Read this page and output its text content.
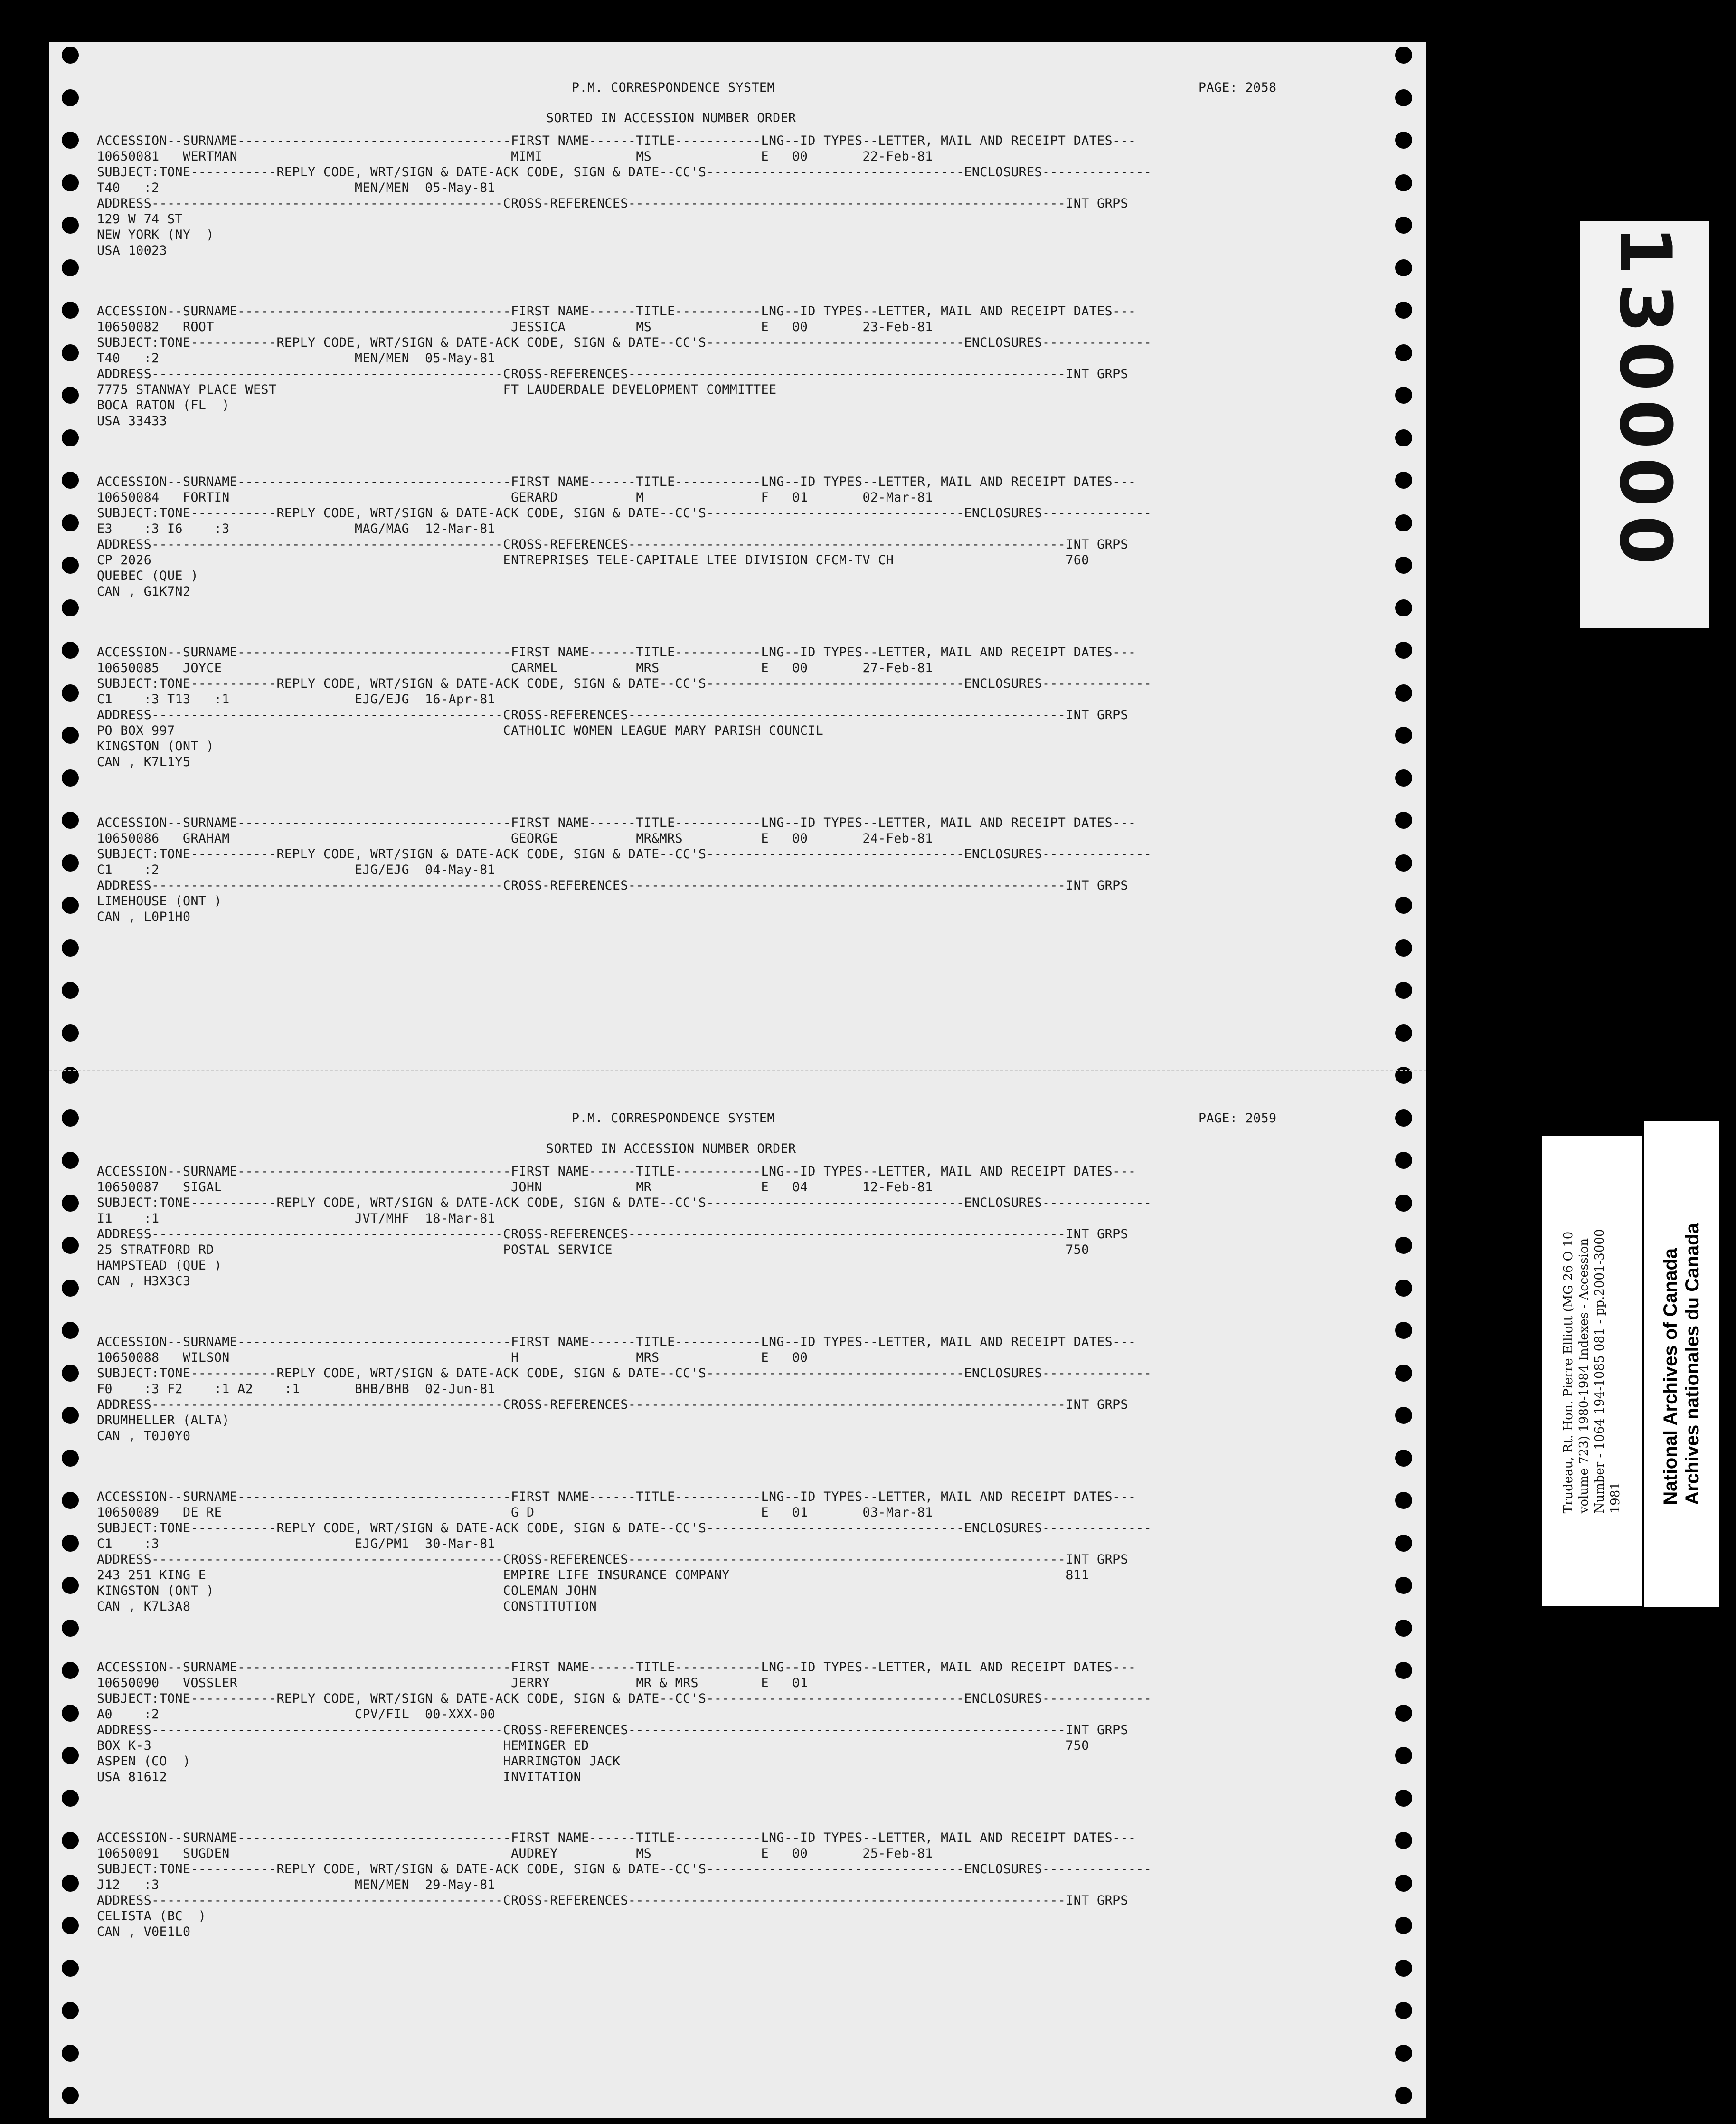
P.M. CORRESPONDENCE SYSTEM

	PAGE: 2058

SORTED IN ACCESSION NUMBER ORDER

ACCESSION--SURNAME-----------------------------------FIRST NAME------TITLE-----------LNG--ID TYPES--LETTER, MAIL AND RECEIPT DATES---
10650081   WERTMAN                                   MIMI            MS              E   00       22-Feb-81
SUBJECT:TONE-----------REPLY CODE, WRT/SIGN & DATE-ACK CODE, SIGN & DATE--CC'S---------------------------------ENCLOSURES--------------
T40   :2                         MEN/MEN  05-May-81
ADDRESS---------------------------------------------CROSS-REFERENCES--------------------------------------------------------INT GRPS
129 W 74 ST
NEW YORK (NY  )
USA 10023
ACCESSION--SURNAME-----------------------------------FIRST NAME------TITLE-----------LNG--ID TYPES--LETTER, MAIL AND RECEIPT DATES---
10650082   ROOT                                      JESSICA         MS              E   00       23-Feb-81
SUBJECT:TONE-----------REPLY CODE, WRT/SIGN & DATE-ACK CODE, SIGN & DATE--CC'S---------------------------------ENCLOSURES--------------
T40   :2                         MEN/MEN  05-May-81
ADDRESS---------------------------------------------CROSS-REFERENCES--------------------------------------------------------INT GRPS
7775 STANWAY PLACE WEST                             FT LAUDERDALE DEVELOPMENT COMMITTEE
BOCA RATON (FL  )
USA 33433
ACCESSION--SURNAME-----------------------------------FIRST NAME------TITLE-----------LNG--ID TYPES--LETTER, MAIL AND RECEIPT DATES---
10650084   FORTIN                                    GERARD          M               F   01       02-Mar-81
SUBJECT:TONE-----------REPLY CODE, WRT/SIGN & DATE-ACK CODE, SIGN & DATE--CC'S---------------------------------ENCLOSURES--------------
E3    :3 I6    :3                MAG/MAG  12-Mar-81
ADDRESS---------------------------------------------CROSS-REFERENCES--------------------------------------------------------INT GRPS
CP 2026                                             ENTREPRISES TELE-CAPITALE LTEE DIVISION CFCM-TV CH                      760
QUEBEC (QUE )
CAN , G1K7N2
ACCESSION--SURNAME-----------------------------------FIRST NAME------TITLE-----------LNG--ID TYPES--LETTER, MAIL AND RECEIPT DATES---
10650085   JOYCE                                     CARMEL          MRS             E   00       27-Feb-81
SUBJECT:TONE-----------REPLY CODE, WRT/SIGN & DATE-ACK CODE, SIGN & DATE--CC'S---------------------------------ENCLOSURES--------------
C1    :3 T13   :1                EJG/EJG  16-Apr-81
ADDRESS---------------------------------------------CROSS-REFERENCES--------------------------------------------------------INT GRPS
PO BOX 997                                          CATHOLIC WOMEN LEAGUE MARY PARISH COUNCIL
KINGSTON (ONT )
CAN , K7L1Y5
ACCESSION--SURNAME-----------------------------------FIRST NAME------TITLE-----------LNG--ID TYPES--LETTER, MAIL AND RECEIPT DATES---
10650086   GRAHAM                                    GEORGE          MR&MRS          E   00       24-Feb-81
SUBJECT:TONE-----------REPLY CODE, WRT/SIGN & DATE-ACK CODE, SIGN & DATE--CC'S---------------------------------ENCLOSURES--------------
C1    :2                         EJG/EJG  04-May-81
ADDRESS---------------------------------------------CROSS-REFERENCES--------------------------------------------------------INT GRPS
LIMEHOUSE (ONT )
CAN , L0P1H0

P.M. CORRESPONDENCE SYSTEM

	PAGE: 2059

SORTED IN ACCESSION NUMBER ORDER

ACCESSION--SURNAME-----------------------------------FIRST NAME------TITLE-----------LNG--ID TYPES--LETTER, MAIL AND RECEIPT DATES---
10650087   SIGAL                                     JOHN            MR              E   04       12-Feb-81
SUBJECT:TONE-----------REPLY CODE, WRT/SIGN & DATE-ACK CODE, SIGN & DATE--CC'S---------------------------------ENCLOSURES--------------
I1    :1                         JVT/MHF  18-Mar-81
ADDRESS---------------------------------------------CROSS-REFERENCES--------------------------------------------------------INT GRPS
25 STRATFORD RD                                     POSTAL SERVICE                                                          750
HAMPSTEAD (QUE )
CAN , H3X3C3
ACCESSION--SURNAME-----------------------------------FIRST NAME------TITLE-----------LNG--ID TYPES--LETTER, MAIL AND RECEIPT DATES---
10650088   WILSON                                    H               MRS             E   00
SUBJECT:TONE-----------REPLY CODE, WRT/SIGN & DATE-ACK CODE, SIGN & DATE--CC'S---------------------------------ENCLOSURES--------------
F0    :3 F2    :1 A2    :1       BHB/BHB  02-Jun-81
ADDRESS---------------------------------------------CROSS-REFERENCES--------------------------------------------------------INT GRPS
DRUMHELLER (ALTA)
CAN , T0J0Y0
ACCESSION--SURNAME-----------------------------------FIRST NAME------TITLE-----------LNG--ID TYPES--LETTER, MAIL AND RECEIPT DATES---
10650089   DE RE                                     G D                             E   01       03-Mar-81
SUBJECT:TONE-----------REPLY CODE, WRT/SIGN & DATE-ACK CODE, SIGN & DATE--CC'S---------------------------------ENCLOSURES--------------
C1    :3                         EJG/PM1  30-Mar-81
ADDRESS---------------------------------------------CROSS-REFERENCES--------------------------------------------------------INT GRPS
243 251 KING E                                      EMPIRE LIFE INSURANCE COMPANY                                           811
KINGSTON (ONT )                                     COLEMAN JOHN
CAN , K7L3A8                                        CONSTITUTION
ACCESSION--SURNAME-----------------------------------FIRST NAME------TITLE-----------LNG--ID TYPES--LETTER, MAIL AND RECEIPT DATES---
10650090   VOSSLER                                   JERRY           MR & MRS        E   01
SUBJECT:TONE-----------REPLY CODE, WRT/SIGN & DATE-ACK CODE, SIGN & DATE--CC'S---------------------------------ENCLOSURES--------------
A0    :2                         CPV/FIL  00-XXX-00
ADDRESS---------------------------------------------CROSS-REFERENCES--------------------------------------------------------INT GRPS
BOX K-3                                             HEMINGER ED                                                             750
ASPEN (CO  )                                        HARRINGTON JACK
USA 81612                                           INVITATION
ACCESSION--SURNAME-----------------------------------FIRST NAME------TITLE-----------LNG--ID TYPES--LETTER, MAIL AND RECEIPT DATES---
10650091   SUGDEN                                    AUDREY          MS              E   00       25-Feb-81
SUBJECT:TONE-----------REPLY CODE, WRT/SIGN & DATE-ACK CODE, SIGN & DATE--CC'S---------------------------------ENCLOSURES--------------
J12   :3                         MEN/MEN  29-May-81
ADDRESS---------------------------------------------CROSS-REFERENCES--------------------------------------------------------INT GRPS
CELISTA (BC  )
CAN , V0E1L0
1
3
0
0
0
0
Trudeau, Rt. Hon. Pierre Elliott (MG 26 O 10 volume 723) 1980-1984 Indexes - Accession Number - 1064 194-1085 081 - pp.2001-3000 1981 National Archives of Canada Archives nationales du Canada
